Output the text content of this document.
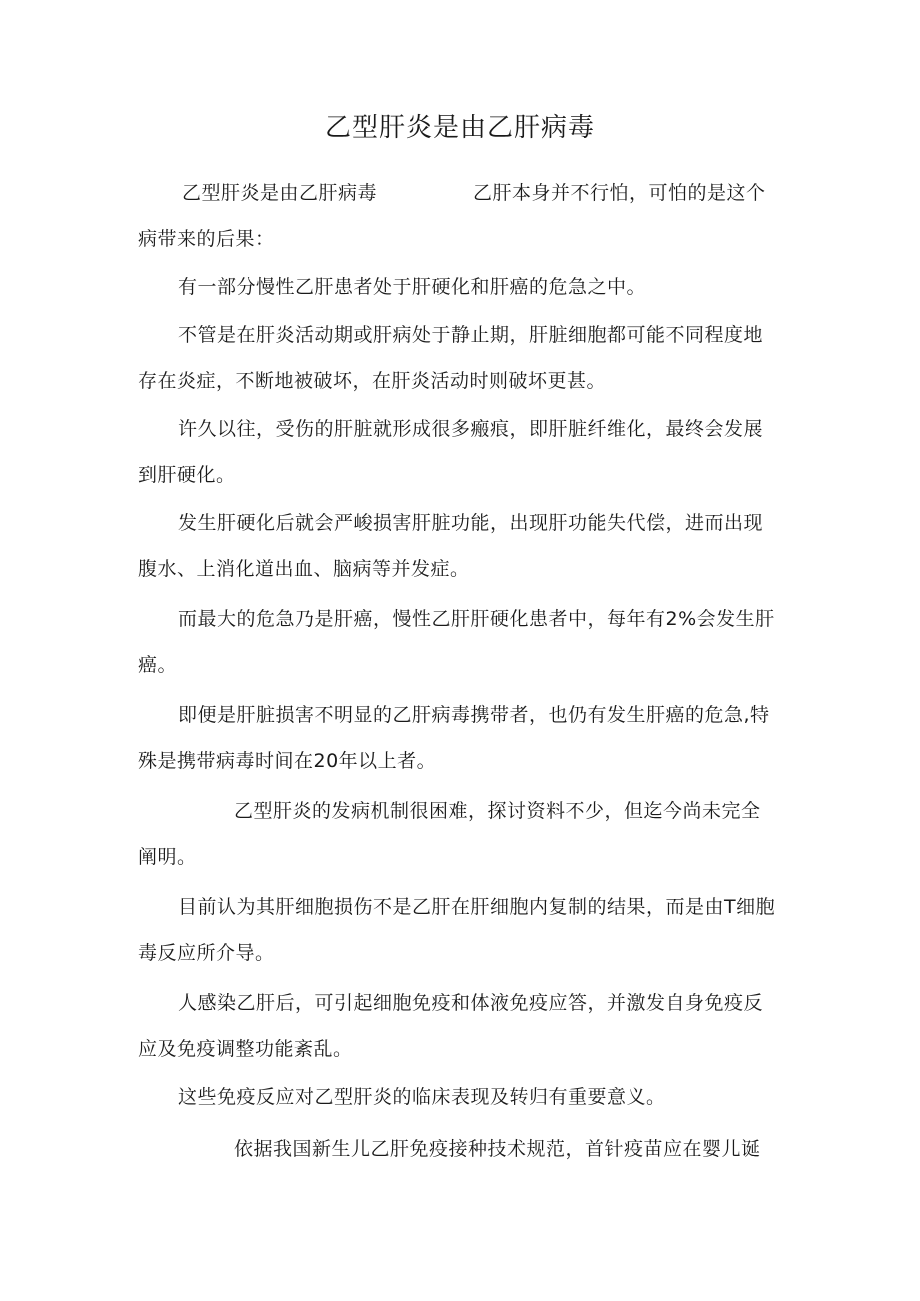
乙型肝炎是由乙肝病毒
乙型肝炎是由乙肝病毒	乙肝本身并不行怕，可怕的是这个
病带来的后果：
有一部分慢性乙肝患者处于肝硬化和肝癌的危急之中。
不管是在肝炎活动期或肝病处于静止期，肝脏细胞都可能不同程度地
存在炎症，不断地被破坏，在肝炎活动时则破坏更甚。
许久以往，受伤的肝脏就形成很多瘢痕，即肝脏纤维化，最终会发展
到肝硬化。
发生肝硬化后就会严峻损害肝脏功能，出现肝功能失代偿，进而出现
腹水、上消化道出血、脑病等并发症。
而最大的危急乃是肝癌，慢性乙肝肝硬化患者中，每年有2%会发生肝
癌。
即便是肝脏损害不明显的乙肝病毒携带者，也仍有发生肝癌的危急,特
殊是携带病毒时间在20年以上者。
乙型肝炎的发病机制很困难，探讨资料不少，但迄今尚未完全
阐明。
目前认为其肝细胞损伤不是乙肝在肝细胞内复制的结果，而是由T细胞
毒反应所介导。
人感染乙肝后，可引起细胞免疫和体液免疫应答，并激发自身免疫反
应及免疫调整功能紊乱。
这些免疫反应对乙型肝炎的临床表现及转归有重要意义。
依据我国新生儿乙肝免疫接种技术规范，首针疫苗应在婴儿诞
